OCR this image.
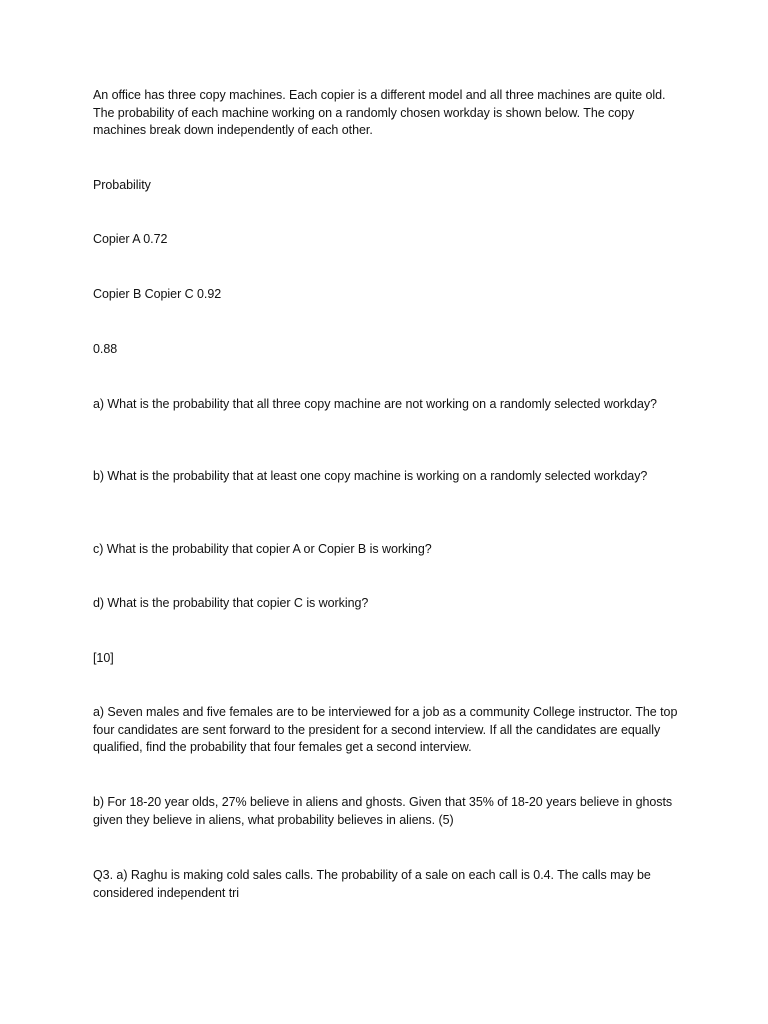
An office has three copy machines. Each copier is a different model and all three machines are quite old. The probability of each machine working on a randomly chosen workday is shown below. The copy machines break down independently of each other.

Probability

Copier A 0.72

Copier B Copier C 0.92

0.88

a) What is the probability that all three copy machine are not working on a randomly selected workday?

b) What is the probability that at least one copy machine is working on a randomly selected workday?

c) What is the probability that copier A or Copier B is working?

d) What is the probability that copier C is working?

[10]

a) Seven males and five females are to be interviewed for a job as a community College instructor. The top four candidates are sent forward to the president for a second interview. If all the candidates are equally qualified, find the probability that four females get a second interview.

b) For 18-20 year olds, 27% believe in aliens and ghosts. Given that 35% of 18-20 years believe in ghosts given they believe in aliens, what probability believes in aliens. (5)

Q3. a) Raghu is making cold sales calls. The probability of a sale on each call is 0.4. The calls may be considered independent tri
